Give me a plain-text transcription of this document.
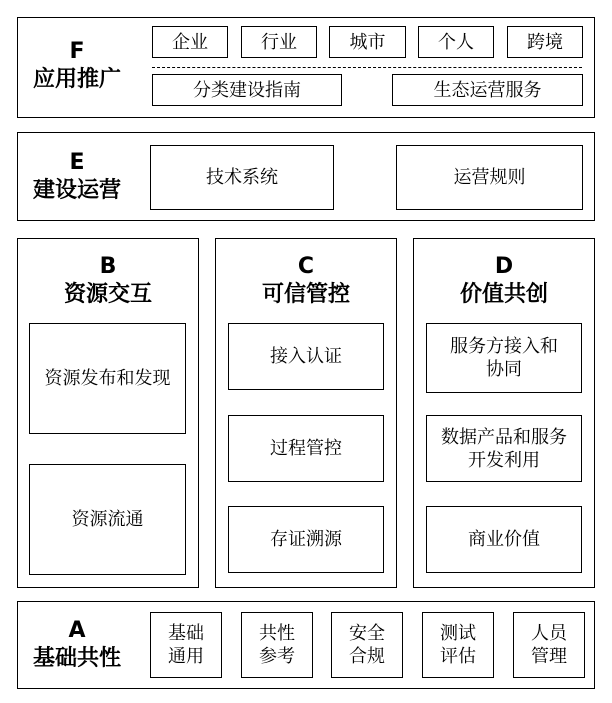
F
应用推广
企业	行业	城市	个人	跨境
分类建设指南	生态运营服务
E
建设运营	技术系统	运营规则
B
资源交互
资源发布和发现
资源流通
C
可信管控
接入认证
过程管控
存证溯源
D
价值共创
服务方接入和
协同
数据产品和服务
开发利用
商业价值
A
基础共性
基础
通用
共性
参考
安全
合规
测试
评估
人员
管理
